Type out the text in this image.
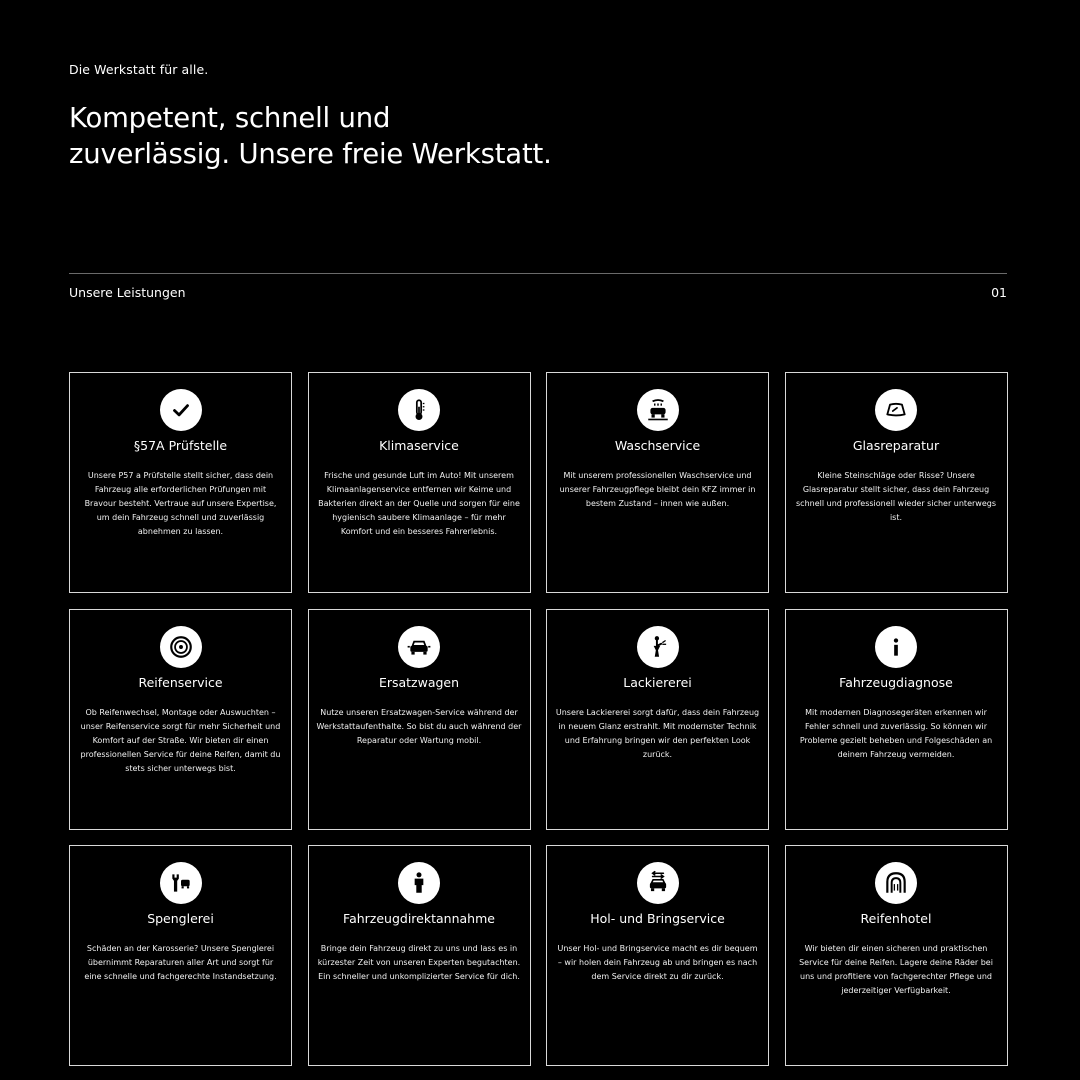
Die Werkstatt für alle.
Kompetent, schnell und
zuverlässig. Unsere freie Werkstatt.
Unsere Leistungen	01
§57A Prüfstelle
Unsere P57 a Prüfstelle stellt sicher, dass dein Fahrzeug alle erforderlichen Prüfungen mit Bravour besteht. Vertraue auf unsere Expertise, um dein Fahrzeug schnell und zuverlässig abnehmen zu lassen.
Klimaservice
Frische und gesunde Luft im Auto! Mit unserem Klimaanlagenservice entfernen wir Keime und Bakterien direkt an der Quelle und sorgen für eine hygienisch saubere Klimaanlage – für mehr Komfort und ein besseres Fahrerlebnis.
Waschservice
Mit unserem professionellen Waschservice und unserer Fahrzeugpflege bleibt dein KFZ immer in bestem Zustand – innen wie außen.
Glasreparatur
Kleine Steinschläge oder Risse? Unsere Glasreparatur stellt sicher, dass dein Fahrzeug schnell und professionell wieder sicher unterwegs ist.
Reifenservice
Ob Reifenwechsel, Montage oder Auswuchten – unser Reifenservice sorgt für mehr Sicherheit und Komfort auf der Straße. Wir bieten dir einen professionellen Service für deine Reifen, damit du stets sicher unterwegs bist.
Ersatzwagen
Nutze unseren Ersatzwagen-Service während der Werkstattaufenthalte. So bist du auch während der Reparatur oder Wartung mobil.
Lackiererei
Unsere Lackiererei sorgt dafür, dass dein Fahrzeug in neuem Glanz erstrahlt. Mit modernster Technik und Erfahrung bringen wir den perfekten Look zurück.
Fahrzeugdiagnose
Mit modernen Diagnosegeräten erkennen wir Fehler schnell und zuverlässig. So können wir Probleme gezielt beheben und Folgeschäden an deinem Fahrzeug vermeiden.
Spenglerei
Schäden an der Karosserie? Unsere Spenglerei übernimmt Reparaturen aller Art und sorgt für eine schnelle und fachgerechte Instandsetzung.
Fahrzeugdirektannahme
Bringe dein Fahrzeug direkt zu uns und lass es in kürzester Zeit von unseren Experten begutachten. Ein schneller und unkomplizierter Service für dich.
Hol- und Bringservice
Unser Hol- und Bringservice macht es dir bequem – wir holen dein Fahrzeug ab und bringen es nach dem Service direkt zu dir zurück.
Reifenhotel
Wir bieten dir einen sicheren und praktischen Service für deine Reifen. Lagere deine Räder bei uns und profitiere von fachgerechter Pflege und jederzeitiger Verfügbarkeit.
